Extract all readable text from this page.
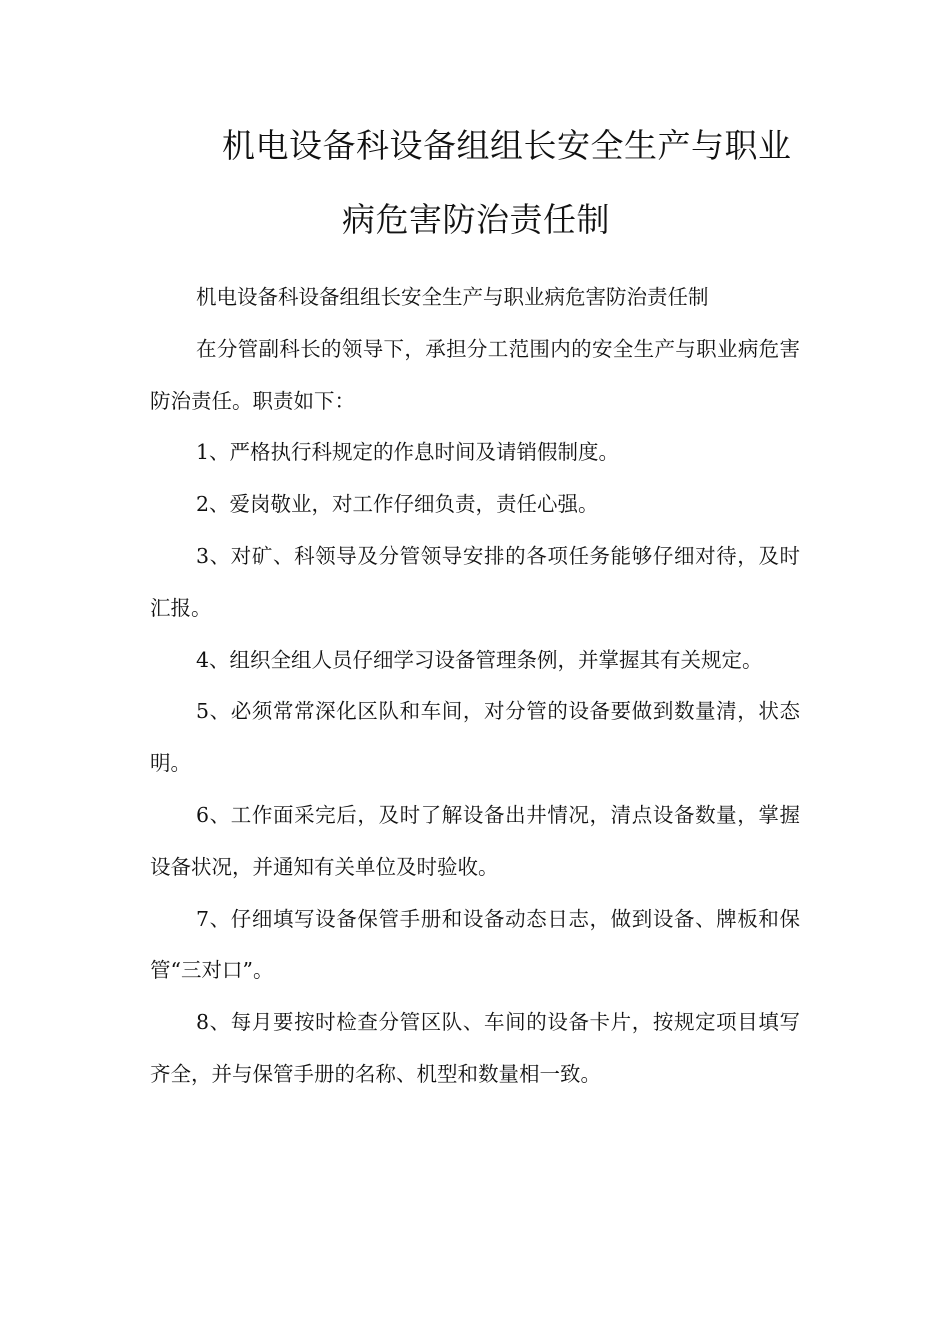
机电设备科设备组组长安全生产与职业
病危害防治责任制

机电设备科设备组组长安全生产与职业病危害防治责任制

在分管副科长的领导下，承担分工范围内的安全生产与职业病危害防治责任。职责如下：

1、严格执行科规定的作息时间及请销假制度。

2、爱岗敬业，对工作仔细负责，责任心强。

3、对矿、科领导及分管领导安排的各项任务能够仔细对待，及时汇报。

4、组织全组人员仔细学习设备管理条例，并掌握其有关规定。

5、必须常常深化区队和车间，对分管的设备要做到数量清，状态明。

6、工作面采完后，及时了解设备出井情况，清点设备数量，掌握设备状况，并通知有关单位及时验收。

7、仔细填写设备保管手册和设备动态日志，做到设备、牌板和保管“三对口”。

8、每月要按时检查分管区队、车间的设备卡片，按规定项目填写齐全，并与保管手册的名称、机型和数量相一致。
